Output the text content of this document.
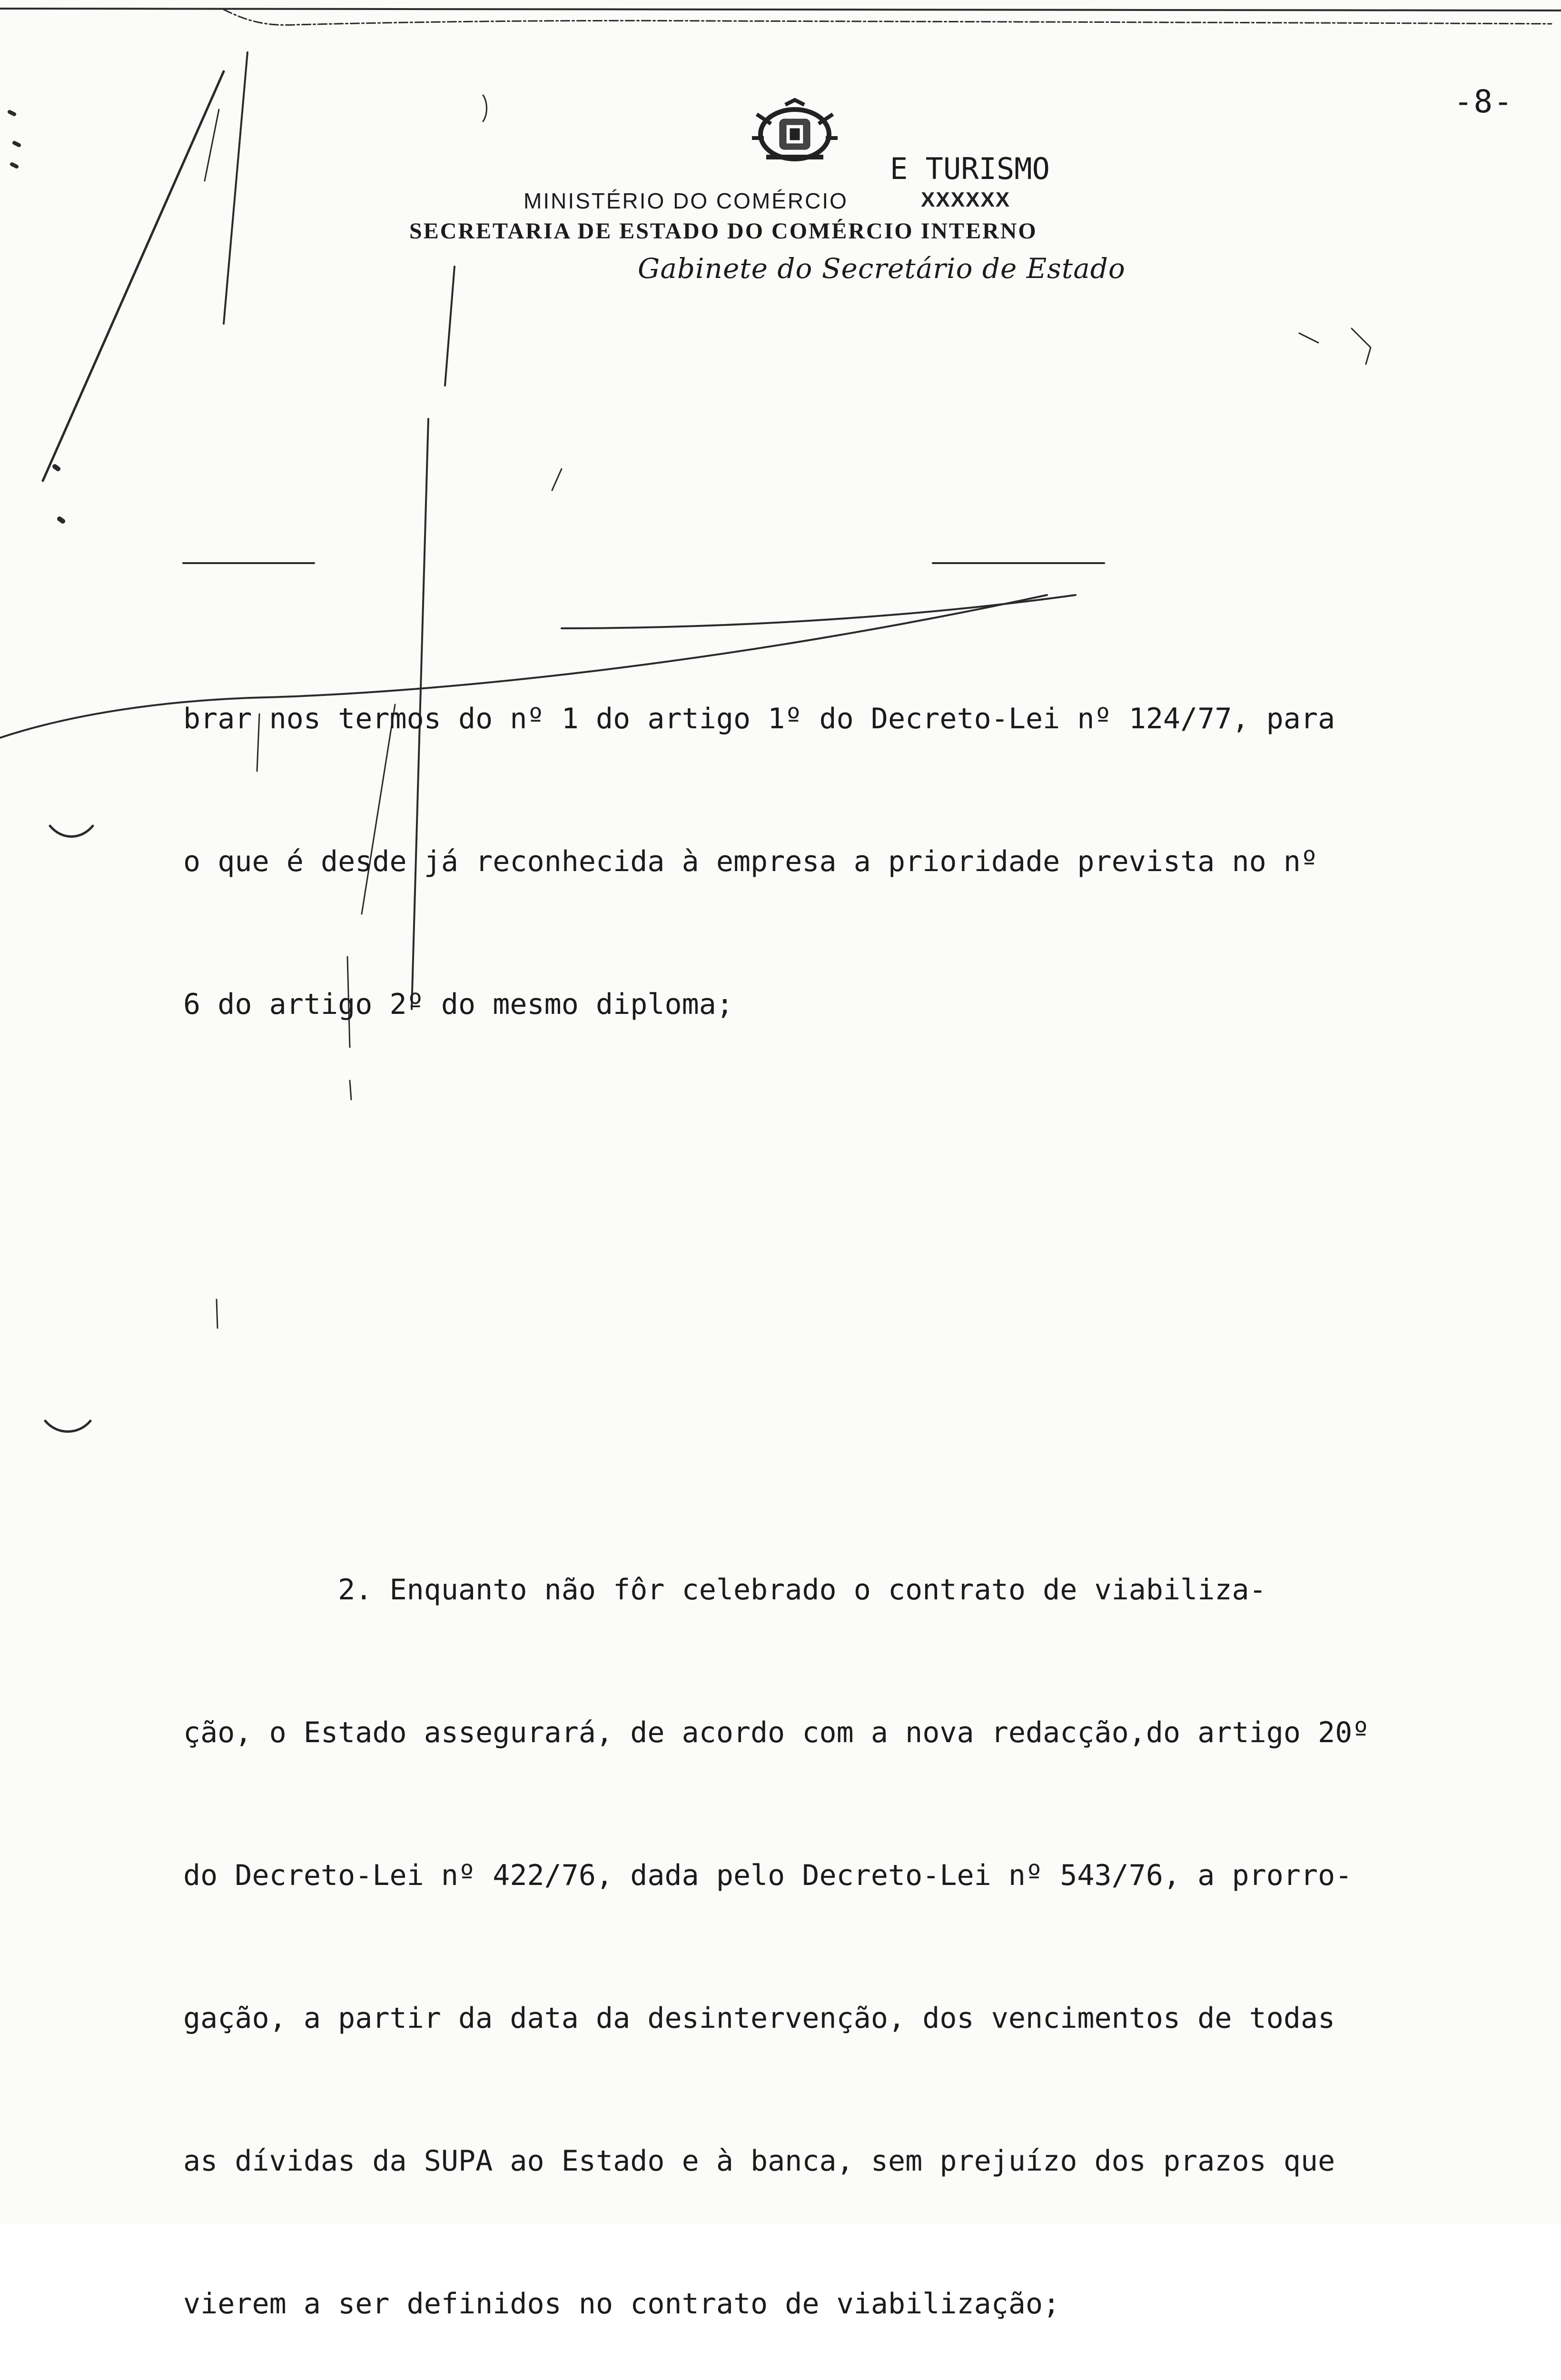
-8-
E TURISMO
MINISTÉRIO DO COMÉRCIO	XXXXXX
SECRETARIA DE ESTADO DO COMÉRCIO INTERNO
Gabinete do Secretário de Estado

brar nos termos do nº 1 do artigo 1º do Decreto-Lei nº 124/77, para

o que é desde já reconhecida à empresa a prioridade prevista no nº

6 do artigo 2º do mesmo diploma;

2. Enquanto não fôr celebrado o contrato de viabiliza-

ção, o Estado assegurará, de acordo com a nova redacção,do artigo 20º

do Decreto-Lei nº 422/76, dada pelo Decreto-Lei nº 543/76, a prorro-

gação, a partir da data da desintervenção, dos vencimentos de todas

as dívidas da SUPA ao Estado e à banca, sem prejuízo dos prazos que

vierem a ser definidos no contrato de viabilização;
